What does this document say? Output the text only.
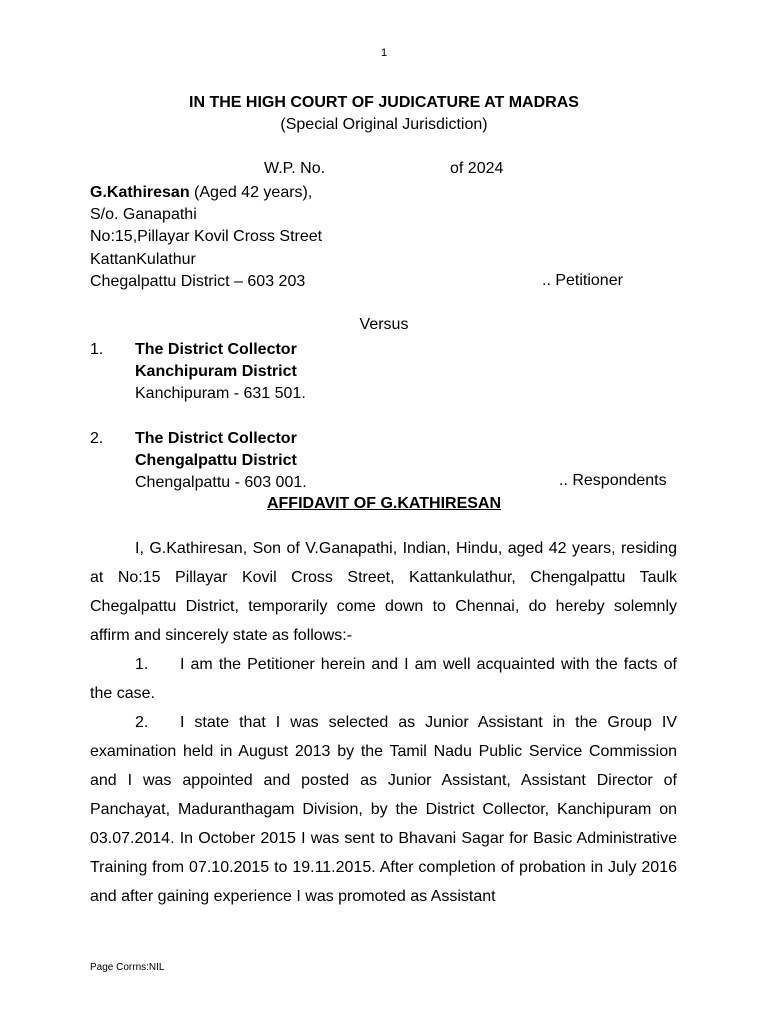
1
IN THE HIGH COURT OF JUDICATURE AT MADRAS
(Special Original Jurisdiction)
W.P. No.	of 2024
G.Kathiresan (Aged 42 years),
S/o. Ganapathi
No:15,Pillayar Kovil Cross Street
KattanKulathur
Chegalpattu District – 603 203	.. Petitioner
Versus
1. The District Collector
Kanchipuram District
Kanchipuram - 631 501.
2. The District Collector
Chengalpattu District
Chengalpattu - 603 001.	.. Respondents
AFFIDAVIT OF G.KATHIRESAN

I, G.Kathiresan, Son of V.Ganapathi, Indian, Hindu, aged 42 years, residing at No:15 Pillayar Kovil Cross Street, Kattankulathur, Chengalpattu Taulk Chegalpattu District, temporarily come down to Chennai, do hereby solemnly affirm and sincerely state as follows:-

1. I am the Petitioner herein and I am well acquainted with the facts of the case.

2. I state that I was selected as Junior Assistant in the Group IV examination held in August 2013 by the Tamil Nadu Public Service Commission and I was appointed and posted as Junior Assistant, Assistant Director of Panchayat, Maduranthagam Division, by the District Collector, Kanchipuram on 03.07.2014. In October 2015 I was sent to Bhavani Sagar for Basic Administrative Training from 07.10.2015 to 19.11.2015. After completion of probation in July 2016 and after gaining experience I was promoted as Assistant

Page Corrns:NIL
